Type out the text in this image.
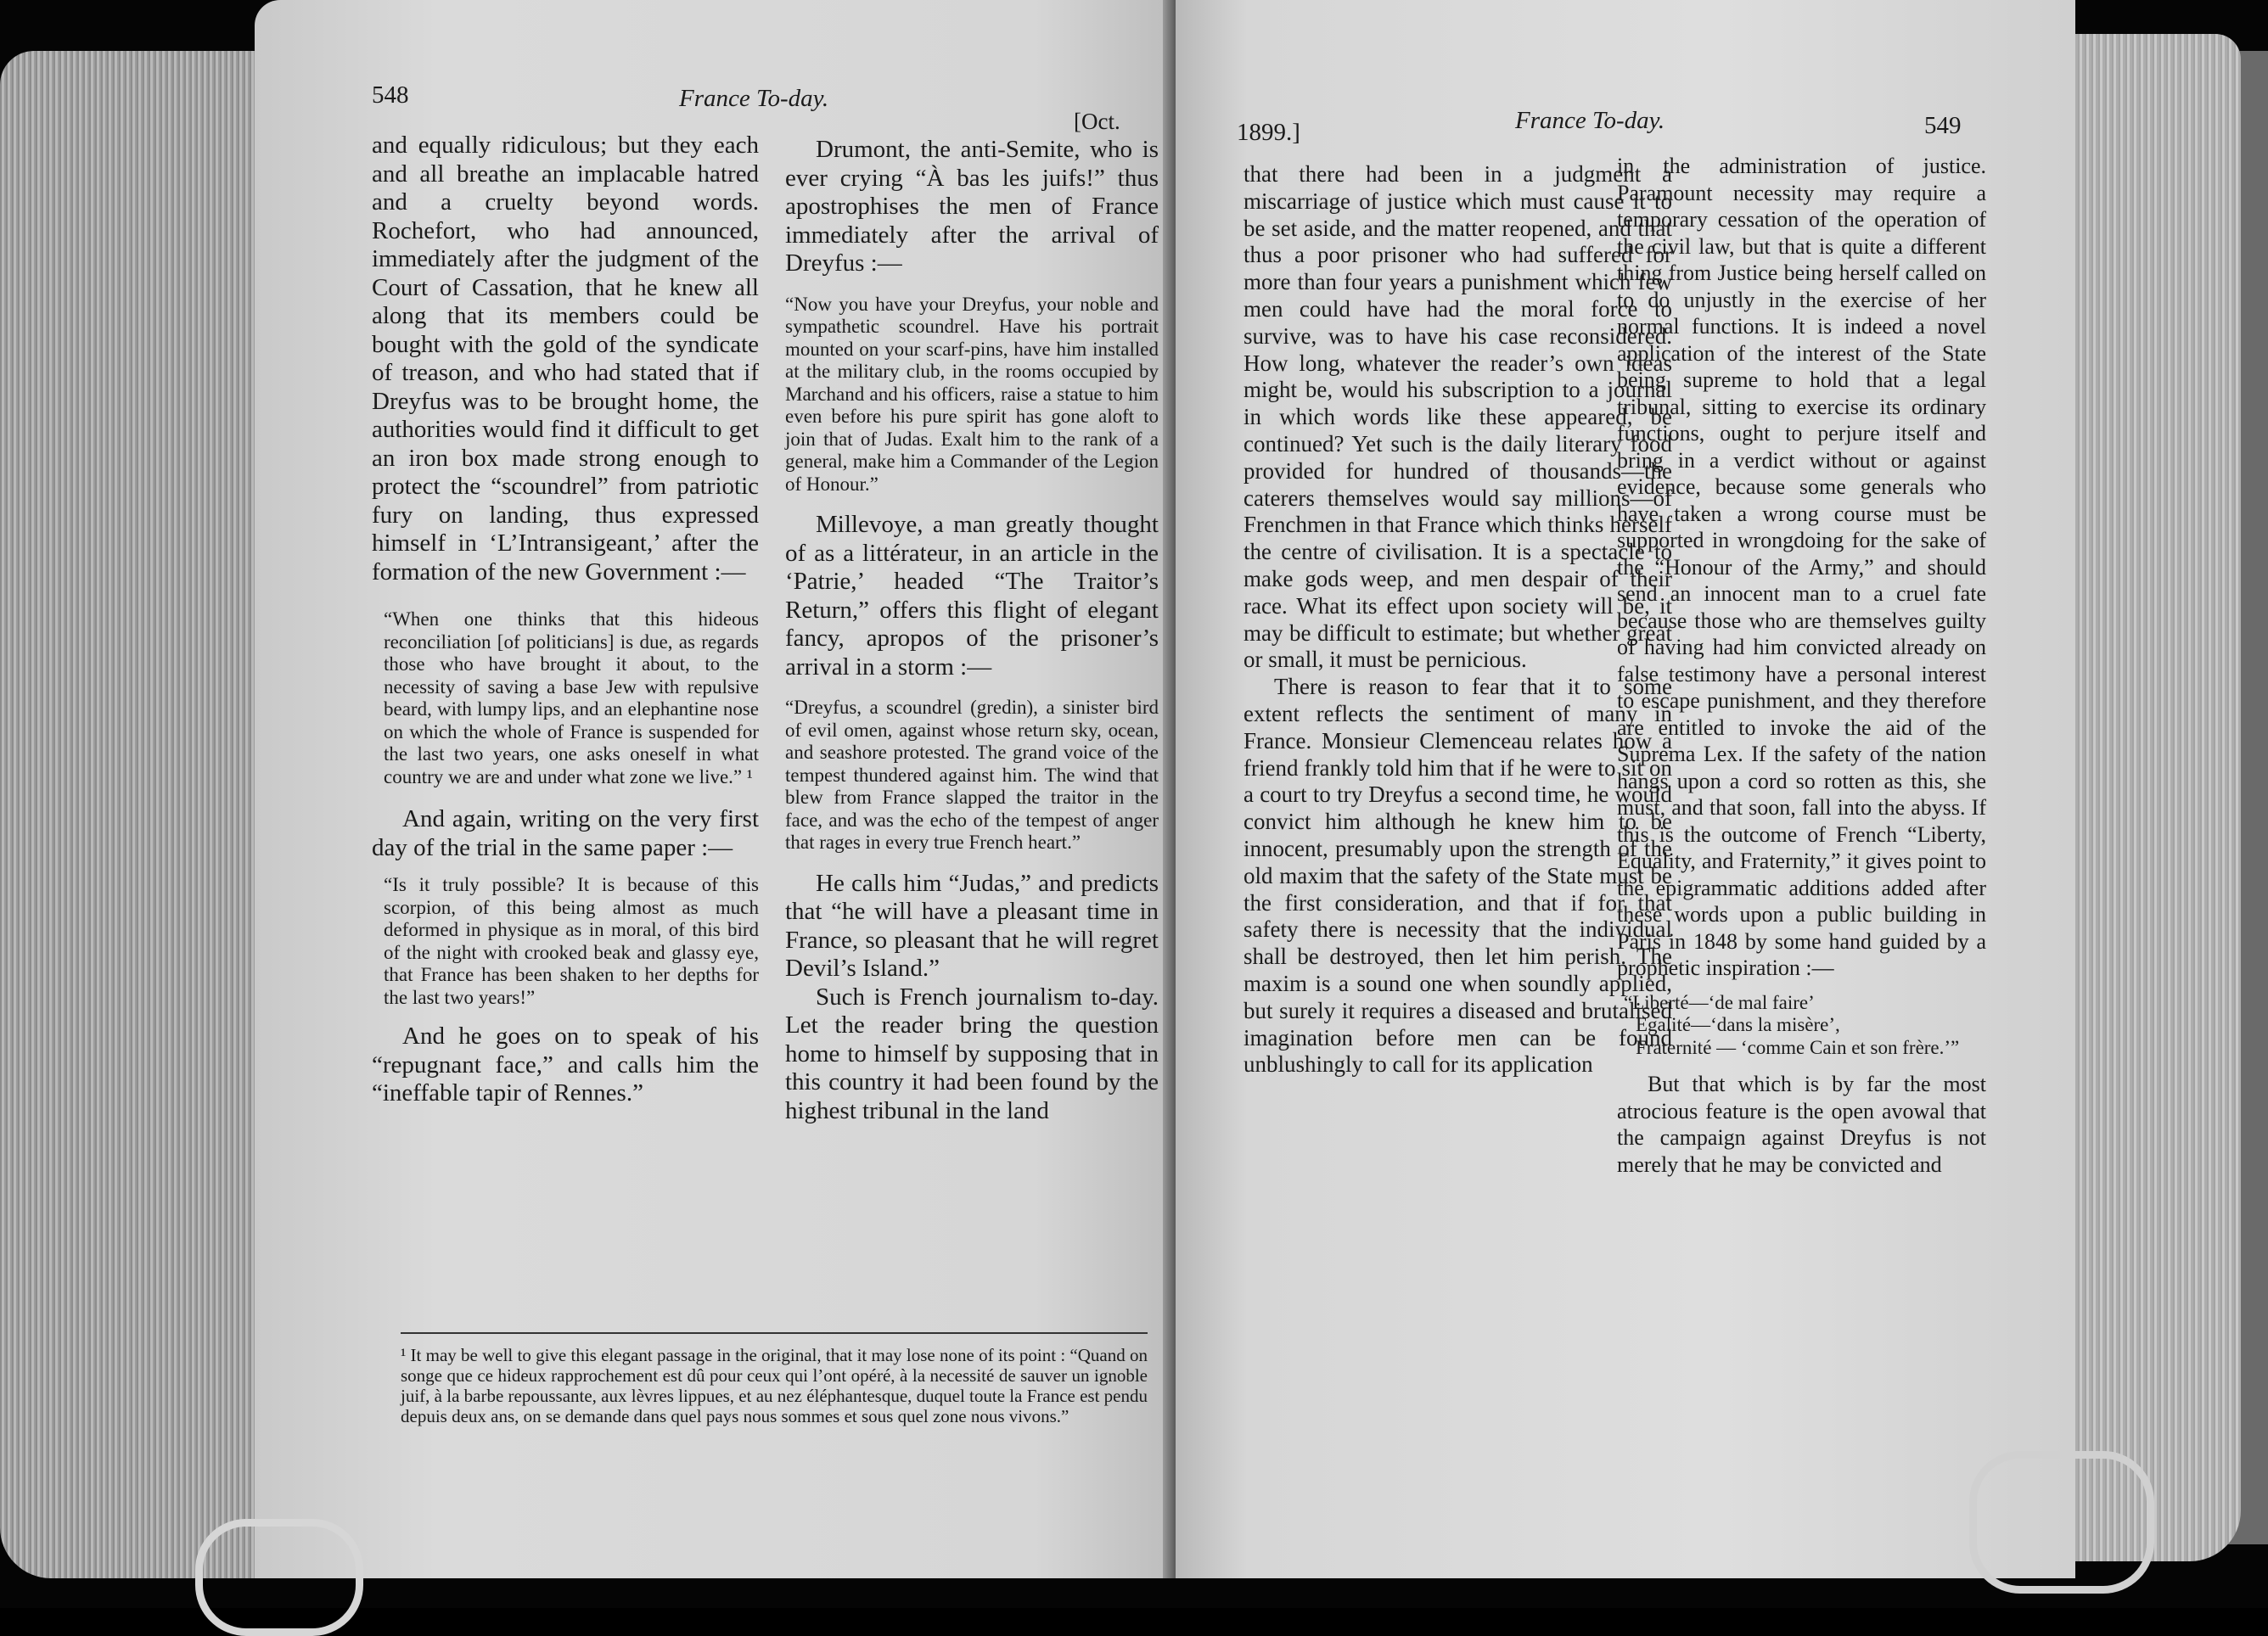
548	France To-day.
[Oct.

and equally ridiculous; but they each and all breathe an implacable hatred and a cruelty beyond words. Rochefort, who had announced, immediately after the judgment of the Court of Cassation, that he knew all along that its members could be bought with the gold of the syndicate of treason, and who had stated that if Dreyfus was to be brought home, the authorities would find it difficult to get an iron box made strong enough to protect the “scoundrel” from patriotic fury on landing, thus expressed himself in ‘L’Intransigeant,’ after the formation of the new Government :—

“When one thinks that this hideous reconciliation [of politicians] is due, as regards those who have brought it about, to the necessity of saving a base Jew with repulsive beard, with lumpy lips, and an elephantine nose on which the whole of France is suspended for the last two years, one asks oneself in what country we are and under what zone we live.” ¹

And again, writing on the very first day of the trial in the same paper :—

“Is it truly possible? It is because of this scorpion, of this being almost as much deformed in physique as in moral, of this bird of the night with crooked beak and glassy eye, that France has been shaken to her depths for the last two years!”

And he goes on to speak of his “repugnant face,” and calls him the “ineffable tapir of Rennes.”

Drumont, the anti-Semite, who is ever crying “À bas les juifs!” thus apostrophises the men of France immediately after the arrival of Dreyfus :—

“Now you have your Dreyfus, your noble and sympathetic scoundrel. Have his portrait mounted on your scarf-pins, have him installed at the military club, in the rooms occupied by Marchand and his officers, raise a statue to him even before his pure spirit has gone aloft to join that of Judas. Exalt him to the rank of a general, make him a Commander of the Legion of Honour.”

Millevoye, a man greatly thought of as a littérateur, in an article in the ‘Patrie,’ headed “The Traitor’s Return,” offers this flight of elegant fancy, apropos of the prisoner’s arrival in a storm :—

“Dreyfus, a scoundrel (gredin), a sinister bird of evil omen, against whose return sky, ocean, and seashore protested. The grand voice of the tempest thundered against him. The wind that blew from France slapped the traitor in the face, and was the echo of the tempest of anger that rages in every true French heart.”

He calls him “Judas,” and predicts that “he will have a pleasant time in France, so pleasant that he will regret Devil’s Island.”

Such is French journalism to-day. Let the reader bring the question home to himself by supposing that in this country it had been found by the highest tribunal in the land

¹ It may be well to give this elegant passage in the original, that it may lose none of its point : “Quand on songe que ce hideux rapprochement est dû pour ceux qui l’ont opéré, à la necessité de sauver un ignoble juif, à la barbe repoussante, aux lèvres lippues, et au nez éléphantesque, duquel toute la France est pendu depuis deux ans, on se demande dans quel pays nous sommes et sous quel zone nous vivons.”
1899.]	France To-day.	549

that there had been in a judgment a miscarriage of justice which must cause it to be set aside, and the matter reopened, and that thus a poor prisoner who had suffered for more than four years a punishment which few men could have had the moral force to survive, was to have his case reconsidered. How long, whatever the reader’s own ideas might be, would his subscription to a journal in which words like these appeared, be continued? Yet such is the daily literary food provided for hundred of thousands—the caterers themselves would say millions—of Frenchmen in that France which thinks herself the centre of civilisation. It is a spectacle to make gods weep, and men despair of their race. What its effect upon society will be, it may be difficult to estimate; but whether great or small, it must be pernicious.

There is reason to fear that it to some extent reflects the sentiment of many in France. Monsieur Clemenceau relates how a friend frankly told him that if he were to sit on a court to try Dreyfus a second time, he would convict him although he knew him to be innocent, presumably upon the strength of the old maxim that the safety of the State must be the first consideration, and that if for that safety there is necessity that the individual shall be destroyed, then let him perish. The maxim is a sound one when soundly applied, but surely it requires a diseased and brutalised imagination before men can be found unblushingly to call for its application

in the administration of justice. Paramount necessity may require a temporary cessation of the operation of the civil law, but that is quite a different thing from Justice being herself called on to do unjustly in the exercise of her normal functions. It is indeed a novel application of the interest of the State being supreme to hold that a legal tribunal, sitting to exercise its ordinary functions, ought to perjure itself and bring in a verdict without or against evidence, because some generals who have taken a wrong course must be supported in wrongdoing for the sake of the “Honour of the Army,” and should send an innocent man to a cruel fate because those who are themselves guilty of having had him convicted already on false testimony have a personal interest to escape punishment, and they therefore are entitled to invoke the aid of the Suprema Lex. If the safety of the nation hangs upon a cord so rotten as this, she must, and that soon, fall into the abyss. If this is the outcome of French “Liberty, Equality, and Fraternity,” it gives point to the epigrammatic additions added after these words upon a public building in Paris in 1848 by some hand guided by a prophetic inspiration :—

“Liberté—‘de mal faire’
Egalité—‘dans la misère’,
Fraternité — ‘comme Cain et son frère.’”

But that which is by far the most atrocious feature is the open avowal that the campaign against Dreyfus is not merely that he may be convicted and
